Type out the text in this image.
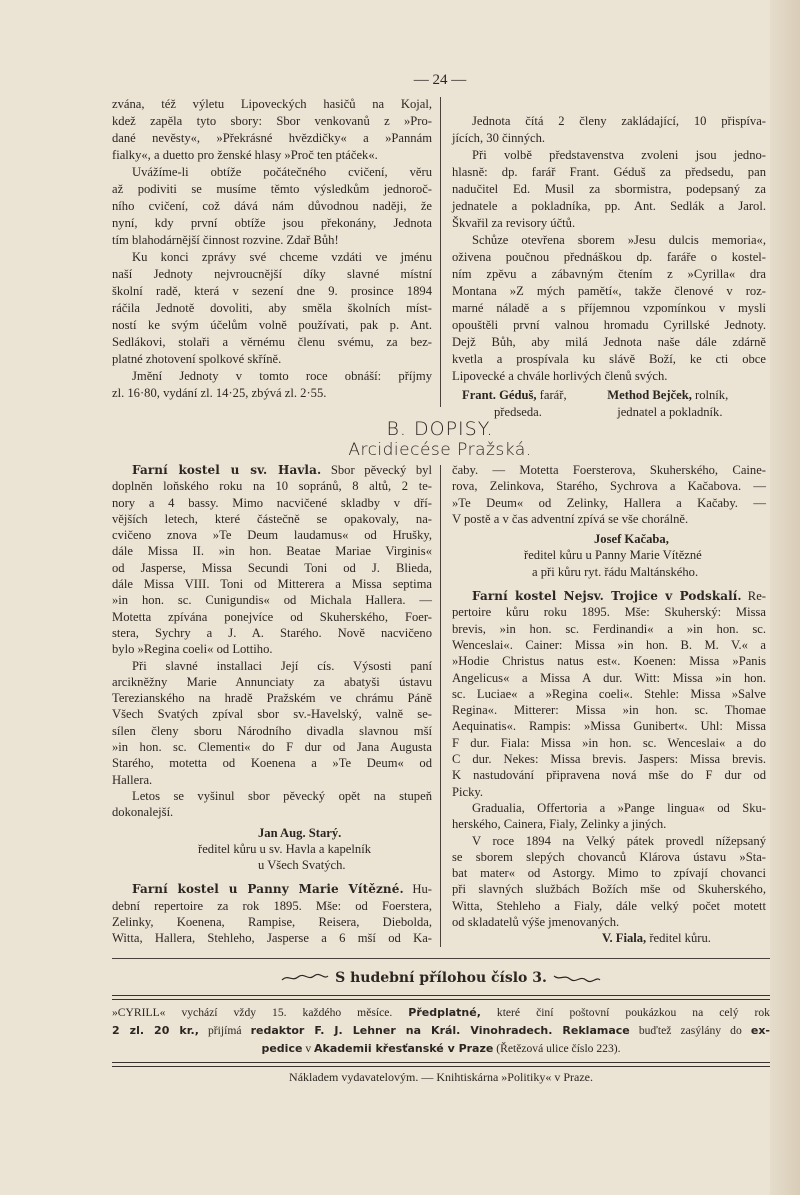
— 24 —
zvána, též výletu Lipoveckých hasičů na Kojal,
kdež zapěla tyto sbory: Sbor venkovanů z »Pro-
dané nevěsty«, »Překrásné hvězdičky« a »Pannám
fialky«, a duetto pro ženské hlasy »Proč ten ptáček«.
Uvážíme-li obtíže počátečného cvičení, věru
až podiviti se musíme těmto výsledkům jednoroč-
ního cvičení, což dává nám důvodnou naději, že
nyní, kdy první obtíže jsou překonány, Jednota
tím blahodárnější činnost rozvine. Zdař Bůh!
Ku konci zprávy své chceme vzdáti ve jménu
naší Jednoty nejvroucnější díky slavné místní
školní radě, která v sezení dne 9. prosince 1894
ráčila Jednotě dovoliti, aby směla školních míst-
ností ke svým účelům volně používati, pak p. Ant.
Sedlákovi, stolaři a věrnému členu svému, za bez-
platné zhotovení spolkové skříně.
Jmění Jednoty v tomto roce obnáší: příjmy
zl. 16·80, vydání zl. 14·25, zbývá zl. 2·55.
Jednota čítá 2 členy zakládající, 10 přispíva-
jících, 30 činných.
Při volbě představenstva zvoleni jsou jedno-
hlasně: dp. farář Frant. Géduš za předsedu, pan
nadučitel Ed. Musil za sbormistra, podepsaný za
jednatele a pokladníka, pp. Ant. Sedlák a Jarol.
Škvařil za revisory účtů.
Schůze otevřena sborem »Jesu dulcis memoria«,
oživena poučnou přednáškou dp. faráře o kostel-
ním zpěvu a zábavným čtením z »Cyrilla« dra
Montana »Z mých pamětí«, takže členové v roz-
marné náladě a s příjemnou vzpomínkou v mysli
opouštěli první valnou hromadu Cyrillské Jednoty.
Dejž Bůh, aby milá Jednota naše dále zdárně
kvetla a prospívala ku slávě Boží, ke cti obce
Lipovecké a chvále horlivých členů svých.
Frant. Géduš, farář,
předseda.
Method Bejček, rolník,
jednatel a pokladník.
B. DOPISY.
Arcidiecése Pražská.
Farní kostel u sv. Havla. Sbor pěvecký byl
doplněn loňského roku na 10 sopránů, 8 altů, 2 te-
nory a 4 bassy. Mimo nacvičené skladby v dří-
vějších letech, které částečně se opakovaly, na-
cvičeno znova »Te Deum laudamus« od Hrušky,
dále Missa II. »in hon. Beatae Mariae Virginis«
od Jasperse, Missa Secundi Toni od J. Blieda,
dále Missa VIII. Toni od Mitterera a Missa septima
»in hon. sc. Cunigundis« od Michala Hallera. —
Motetta zpívána ponejvíce od Skuherského, Foer-
stera, Sychry a J. A. Starého. Nově nacvičeno
bylo »Regina coeli« od Lottiho.
Při slavné installaci Její cís. Výsosti paní
arcikněžny Marie Annunciaty za abatyši ústavu
Terezianského na hradě Pražském ve chrámu Páně
Všech Svatých zpíval sbor sv.-Havelský, valně se-
sílen členy sboru Národního divadla slavnou mší
»in hon. sc. Clementi« do F dur od Jana Augusta
Starého, motetta od Koenena a »Te Deum« od
Hallera.
Letos se vyšinul sbor pěvecký opět na stupeň
dokonalejší.
Jan Aug. Starý.
ředitel kůru u sv. Havla a kapelník
u Všech Svatých.
Farní kostel u Panny Marie Vítězné. Hu-
dební repertoire za rok 1895. Mše: od Foerstera,
Zelinky, Koenena, Rampise, Reisera, Diebolda,
Witta, Hallera, Stehleho, Jasperse a 6 mší od Ka-
čaby. — Motetta Foersterova, Skuherského, Caine-
rova, Zelinkova, Starého, Sychrova a Kačabova. —
»Te Deum« od Zelinky, Hallera a Kačaby. —
V postě a v čas adventní zpívá se vše chorálně.
Josef Kačaba,
ředitel kůru u Panny Marie Vítězné
a při kůru ryt. řádu Maltánského.
Farní kostel Nejsv. Trojice v Podskalí. Re-
pertoire kůru roku 1895. Mše: Skuherský: Missa
brevis, »in hon. sc. Ferdinandi« a »in hon. sc.
Wenceslai«. Cainer: Missa »in hon. B. M. V.« a
»Hodie Christus natus est«. Koenen: Missa »Panis
Angelicus« a Missa A dur. Witt: Missa »in hon.
sc. Luciae« a »Regina coeli«. Stehle: Missa »Salve
Regina«. Mitterer: Missa »in hon. sc. Thomae
Aequinatis«. Rampis: »Missa Gunibert«. Uhl: Missa
F dur. Fiala: Missa »in hon. sc. Wenceslai« a do
C dur. Nekes: Missa brevis. Jaspers: Missa brevis.
K nastudování připravena nová mše do F dur od
Picky.
Gradualia, Offertoria a »Pange lingua« od Sku-
herského, Cainera, Fialy, Zelinky a jiných.
V roce 1894 na Velký pátek provedl nížepsaný
se sborem slepých chovanců Klárova ústavu »Sta-
bat mater« od Astorgy. Mimo to zpívají chovanci
při slavných službách Božích mše od Skuherského,
Witta, Stehleho a Fialy, dále velký počet motett
od skladatelů výše jmenovaných.
V. Fiala, ředitel kůru.
S hudební přílohou číslo 3.
»CYRILL« vychází vždy 15. každého měsíce. Předplatné, které činí poštovní poukázkou na celý rok
2 zl. 20 kr., přijímá redaktor F. J. Lehner na Král. Vinohradech. Reklamace buďtež zasýlány do ex-
pedice v Akademii křesťanské v Praze (Řetězová ulice číslo 223).
Nákladem vydavatelovým. — Knihtiskárna »Politiky« v Praze.
